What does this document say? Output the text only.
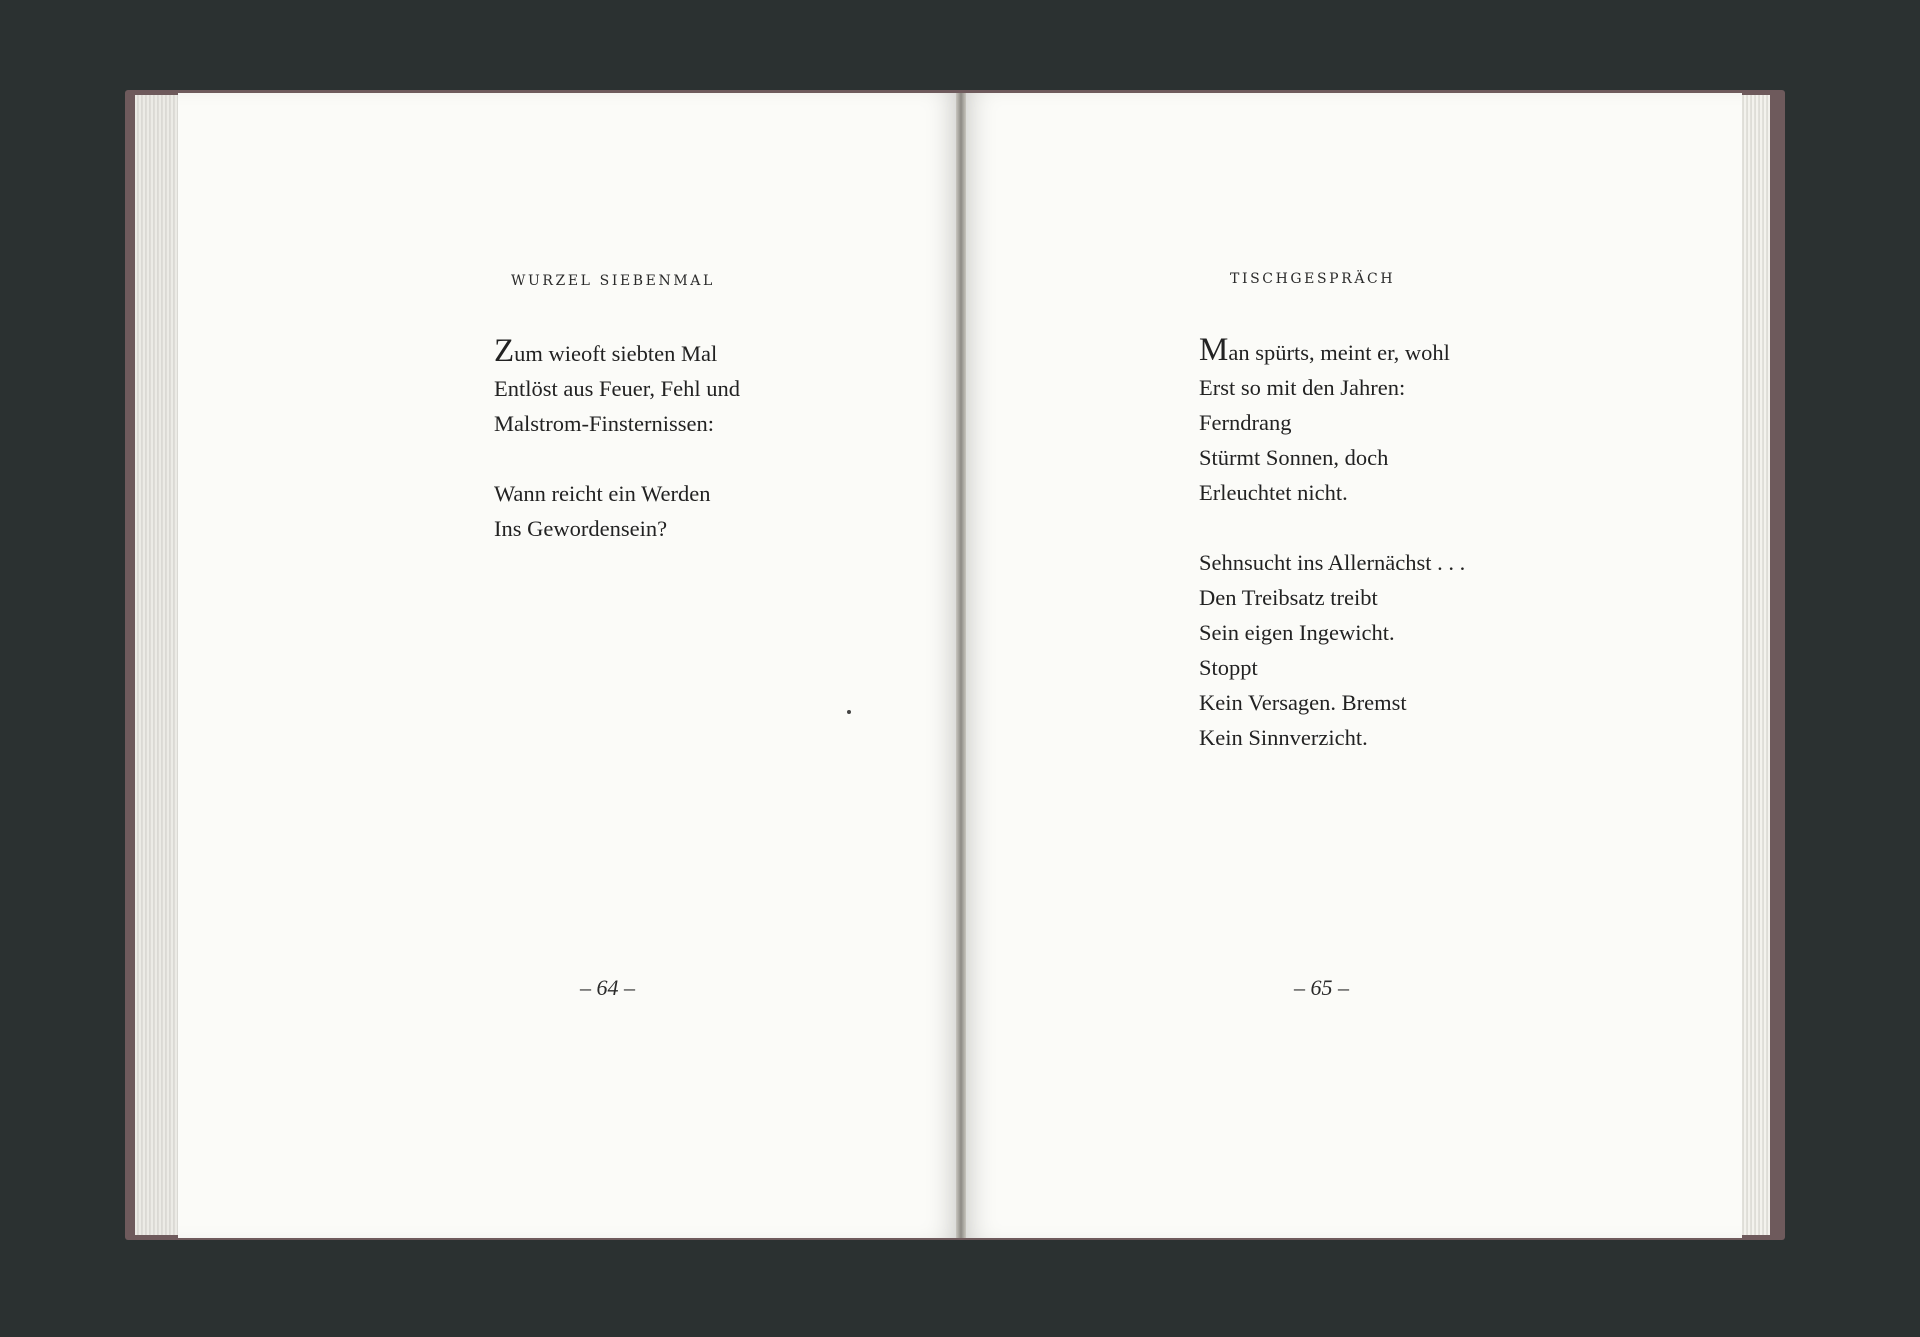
WURZEL SIEBENMAL
Zum wieoft siebten Mal
Entlöst aus Feuer, Fehl und
Malstrom-Finsternissen:
Wann reicht ein Werden
Ins Gewordensein?
– 64 –
TISCHGESPRÄCH
Man spürts, meint er, wohl
Erst so mit den Jahren:
Ferndrang
Stürmt Sonnen, doch
Erleuchtet nicht.
Sehnsucht ins Allernächst . . .
Den Treibsatz treibt
Sein eigen Ingewicht.
Stoppt
Kein Versagen. Bremst
Kein Sinnverzicht.
– 65 –
